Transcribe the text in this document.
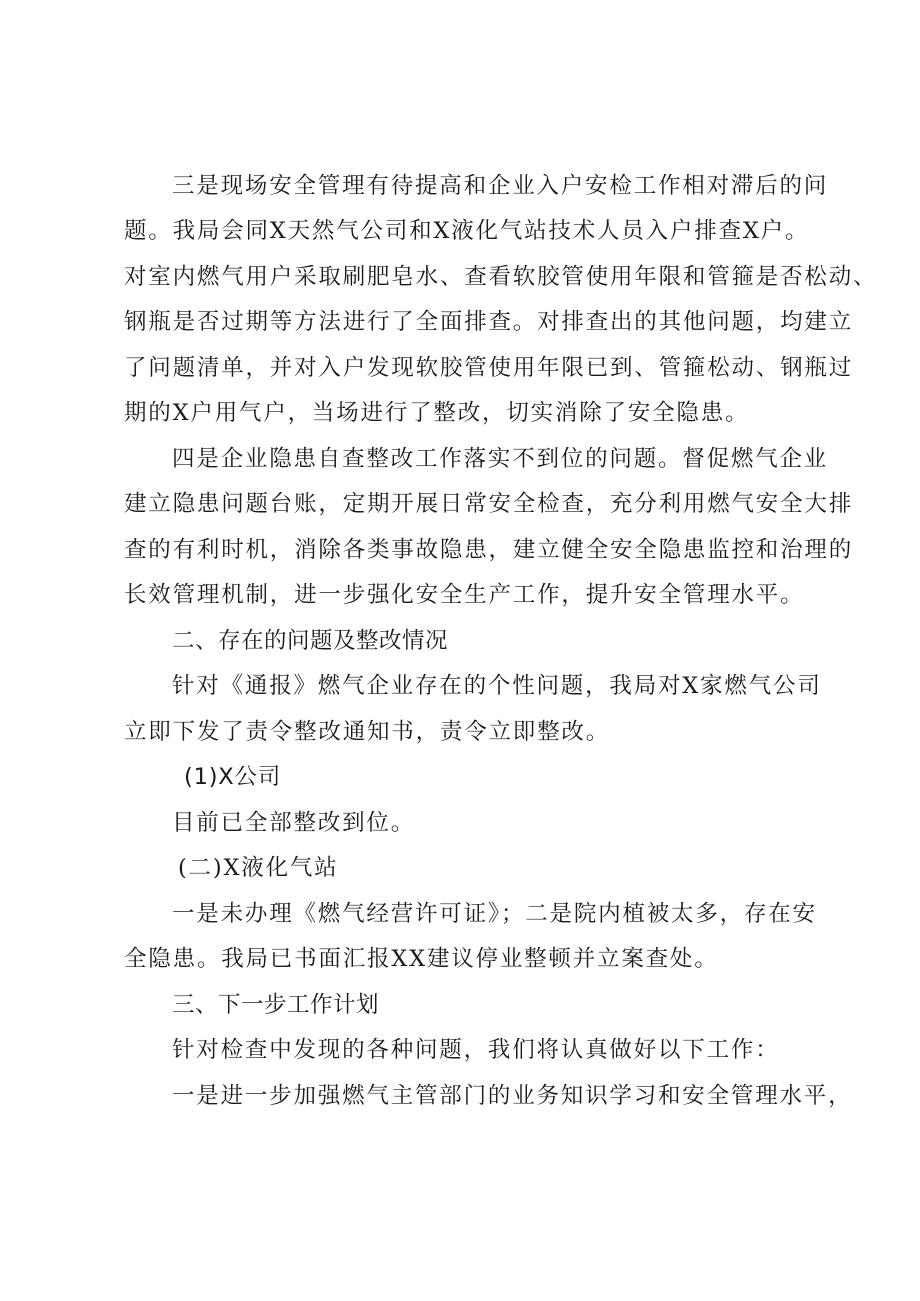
三是现场安全管理有待提高和企业入户安检工作相对滞后的问
题。我局会同X天然气公司和X液化气站技术人员入户排查X户。
对室内燃气用户采取刷肥皂水、查看软胶管使用年限和管箍是否松动、
钢瓶是否过期等方法进行了全面排查。对排查出的其他问题，均建立
了问题清单，并对入户发现软胶管使用年限已到、管箍松动、钢瓶过
期的X户用气户，当场进行了整改，切实消除了安全隐患。
四是企业隐患自查整改工作落实不到位的问题。督促燃气企业
建立隐患问题台账，定期开展日常安全检查，充分利用燃气安全大排
查的有利时机，消除各类事故隐患，建立健全安全隐患监控和治理的
长效管理机制，进一步强化安全生产工作，提升安全管理水平。
二、存在的问题及整改情况
针对《通报》燃气企业存在的个性问题，我局对X家燃气公司
立即下发了责令整改通知书，责令立即整改。
(1)X公司
目前已全部整改到位。
(二)X液化气站
一是未办理《燃气经营许可证》；二是院内植被太多，存在安
全隐患。我局已书面汇报XX建议停业整顿并立案查处。
三、下一步工作计划
针对检查中发现的各种问题，我们将认真做好以下工作：
一是进一步加强燃气主管部门的业务知识学习和安全管理水平，
